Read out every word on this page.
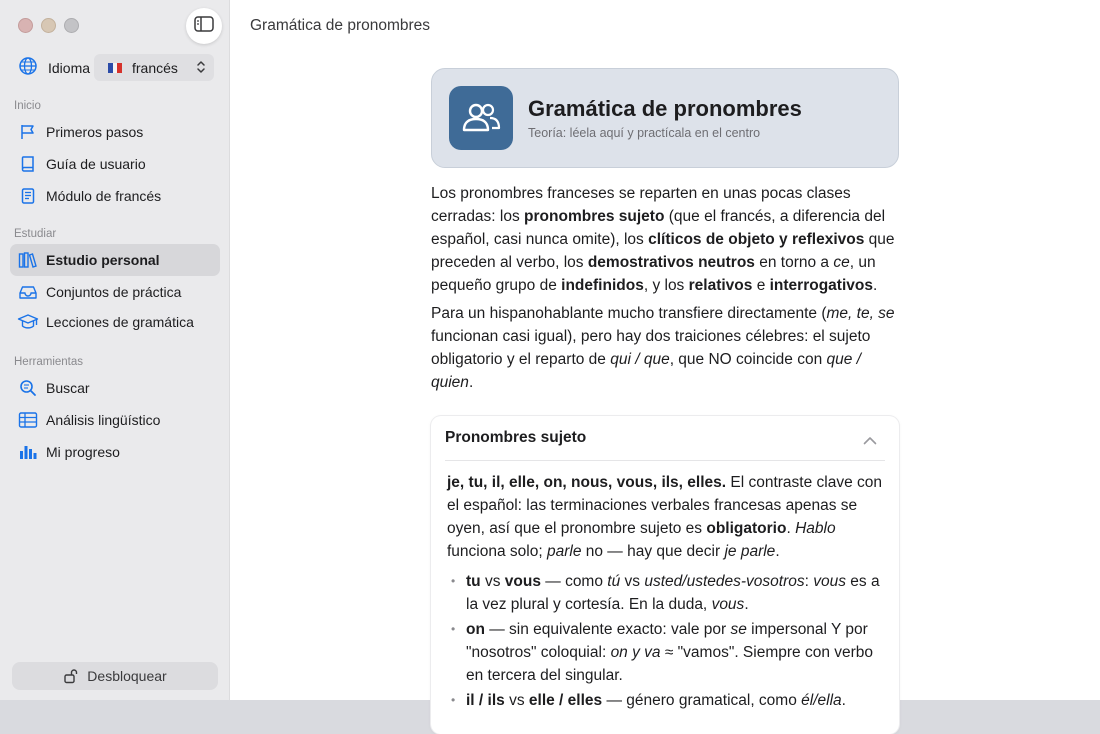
Idioma	francés
Inicio
Primeros pasos
Guía de usuario
Módulo de francés
Estudiar
Estudio personal
Conjuntos de práctica
Lecciones de gramática
Herramientas
Buscar
Análisis lingüístico
Mi progreso
Desbloquear
Gramática de pronombres
Gramática de pronombres
Teoría: léela aquí y practícala en el centro

Los pronombres franceses se reparten en unas pocas clases cerradas: los pronombres sujeto (que el francés, a diferencia del español, casi nunca omite), los clíticos de objeto y reflexivos que preceden al verbo, los demostrativos neutros en torno a ce, un pequeño grupo de indefinidos, y los relativos e interrogativos.

Para un hispanohablante mucho transfiere directamente (me, te, se funcionan casi igual), pero hay dos traiciones célebres: el sujeto obligatorio y el reparto de qui / que, que NO coincide con que / quien.

Pronombres sujeto

je, tu, il, elle, on, nous, vous, ils, elles. El contraste clave con el español: las terminaciones verbales francesas apenas se oyen, así que el pronombre sujeto es obligatorio. Hablo funciona solo; parle no — hay que decir je parle.

• tu vs vous — como tú vs usted/ustedes-vosotros: vous es a la vez plural y cortesía. En la duda, vous.
• on — sin equivalente exacto: vale por se impersonal Y por "nosotros" coloquial: on y va ≈ "vamos". Siempre con verbo en tercera del singular.
• il / ils vs elle / elles — género gramatical, como él/ella.
